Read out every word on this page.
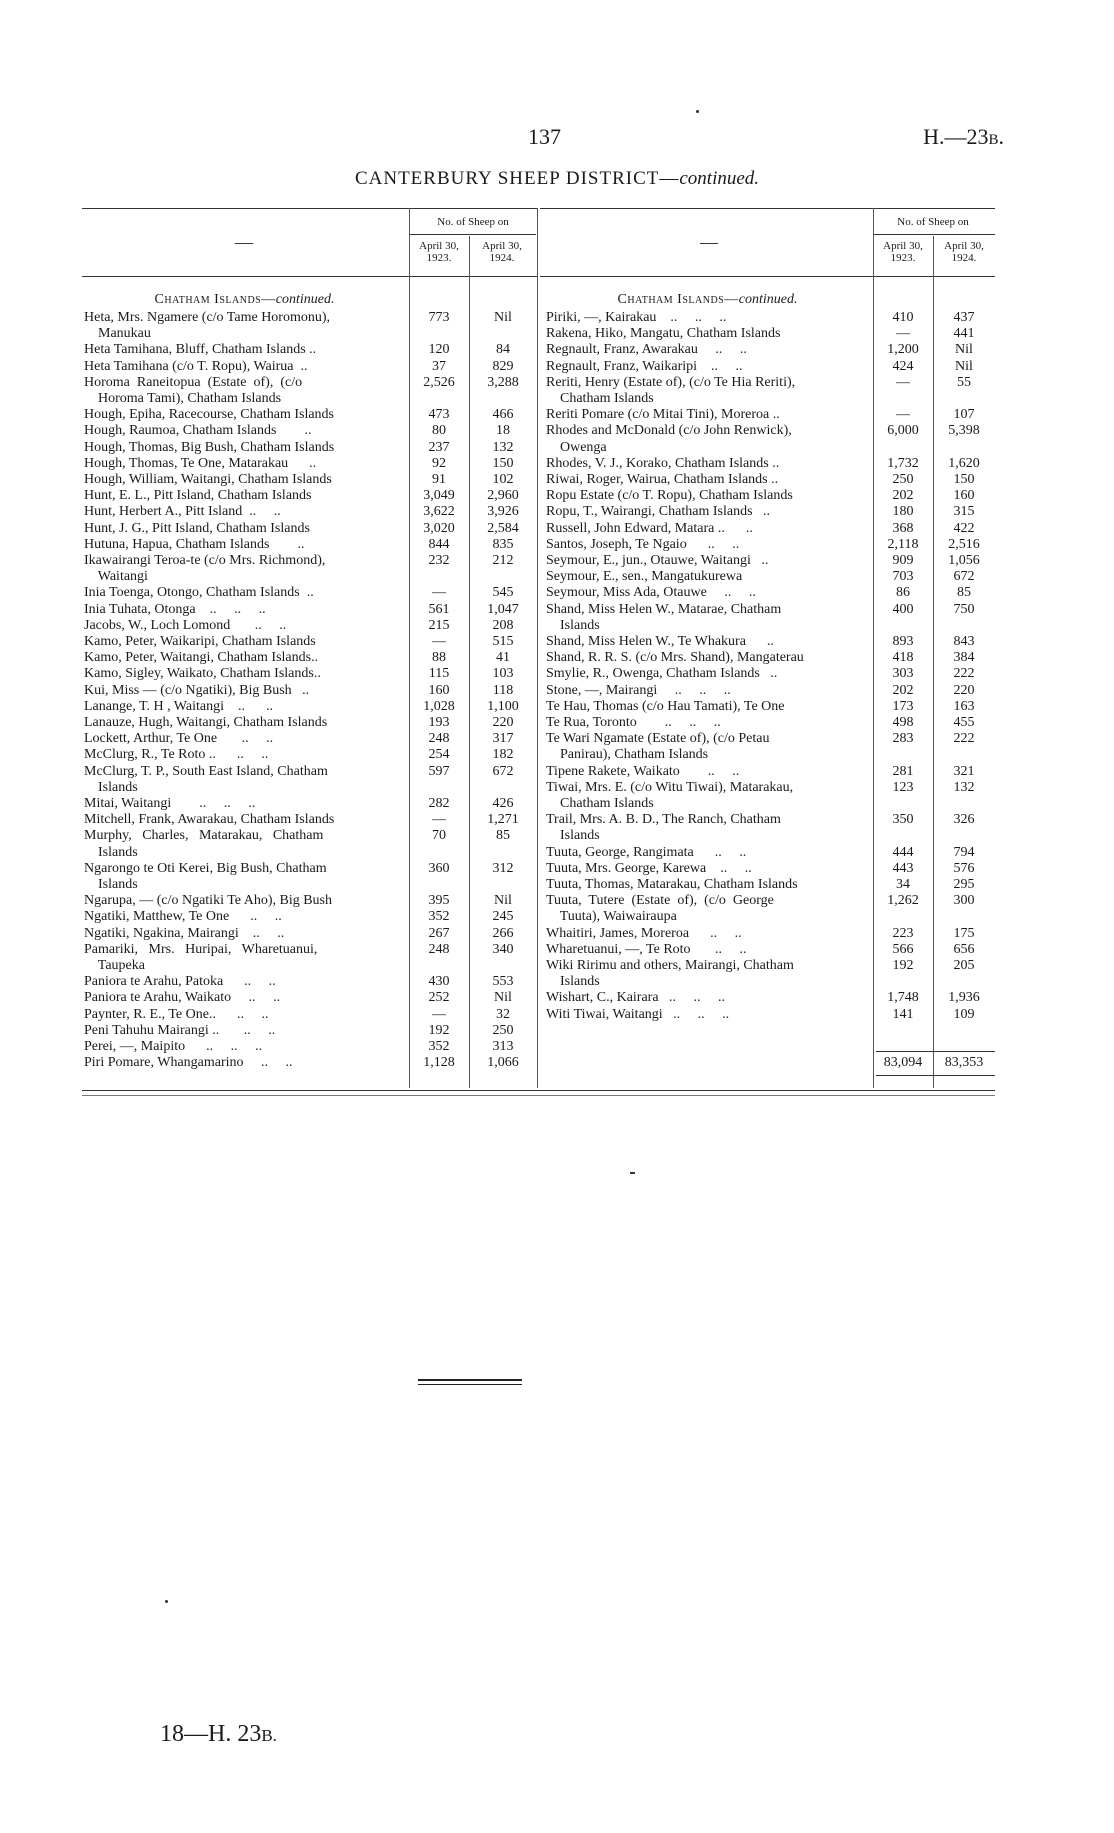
137	H.—23B.
CANTERBURY SHEEP DISTRICT—continued.
—
No. of Sheep on
April 30, 1923.
April 30, 1924.
Chatham Islands—continued.
Heta, Mrs. Ngamere (c/o Tame Horomonu),	773	Nil
Manukau
Heta Tamihana, Bluff, Chatham Islands ..	120	84
Heta Tamihana (c/o T. Ropu), Wairua  ..	37	829
Horoma  Raneitopua  (Estate  of),  (c/o	2,526	3,288
Horoma Tami), Chatham Islands
Hough, Epiha, Racecourse, Chatham Islands	473	466
Hough, Raumoa, Chatham Islands        ..	80	18
Hough, Thomas, Big Bush, Chatham Islands	237	132
Hough, Thomas, Te One, Matarakau      ..	92	150
Hough, William, Waitangi, Chatham Islands	91	102
Hunt, E. L., Pitt Island, Chatham Islands	3,049	2,960
Hunt, Herbert A., Pitt Island  ..     ..	3,622	3,926
Hunt, J. G., Pitt Island, Chatham Islands	3,020	2,584
Hutuna, Hapua, Chatham Islands        ..	844	835
Ikawairangi Teroa-te (c/o Mrs. Richmond),	232	212
Waitangi
Inia Toenga, Otongo, Chatham Islands  ..	—	545
Inia Tuhata, Otonga    ..     ..     ..	561	1,047
Jacobs, W., Loch Lomond       ..     ..	215	208
Kamo, Peter, Waikaripi, Chatham Islands	—	515
Kamo, Peter, Waitangi, Chatham Islands..	88	41
Kamo, Sigley, Waikato, Chatham Islands..	115	103
Kui, Miss — (c/o Ngatiki), Big Bush   ..	160	118
Lanange, T. H , Waitangi    ..      ..	1,028	1,100
Lanauze, Hugh, Waitangi, Chatham Islands	193	220
Lockett, Arthur, Te One       ..     ..	248	317
McClurg, R., Te Roto ..      ..     ..	254	182
McClurg, T. P., South East Island, Chatham	597	672
Islands
Mitai, Waitangi        ..     ..     ..	282	426
Mitchell, Frank, Awarakau, Chatham Islands	—	1,271
Murphy,   Charles,   Matarakau,   Chatham	70	85
Islands
Ngarongo te Oti Kerei, Big Bush, Chatham	360	312
Islands
Ngarupa, — (c/o Ngatiki Te Aho), Big Bush	395	Nil
Ngatiki, Matthew, Te One      ..     ..	352	245
Ngatiki, Ngakina, Mairangi    ..     ..	267	266
Pamariki,   Mrs.   Huripai,   Wharetuanui,	248	340
Taupeka
Paniora te Arahu, Patoka      ..     ..	430	553
Paniora te Arahu, Waikato     ..     ..	252	Nil
Paynter, R. E., Te One..      ..     ..	—	32
Peni Tahuhu Mairangi ..       ..     ..	192	250
Perei, —, Maipito      ..     ..     ..	352	313
Piri Pomare, Whangamarino     ..     ..	1,128	1,066
—
No. of Sheep on
April 30, 1923.
April 30, 1924.
Chatham Islands—continued.
Piriki, —, Kairakau    ..     ..     ..	410	437
Rakena, Hiko, Mangatu, Chatham Islands	—	441
Regnault, Franz, Awarakau     ..     ..	1,200	Nil
Regnault, Franz, Waikaripi    ..     ..	424	Nil
Reriti, Henry (Estate of), (c/o Te Hia Reriti),	—	55
Chatham Islands
Reriti Pomare (c/o Mitai Tini), Moreroa ..	—	107
Rhodes and McDonald (c/o John Renwick),	6,000	5,398
Owenga
Rhodes, V. J., Korako, Chatham Islands ..	1,732	1,620
Riwai, Roger, Wairua, Chatham Islands ..	250	150
Ropu Estate (c/o T. Ropu), Chatham Islands	202	160
Ropu, T., Wairangi, Chatham Islands   ..	180	315
Russell, John Edward, Matara ..      ..	368	422
Santos, Joseph, Te Ngaio      ..     ..	2,118	2,516
Seymour, E., jun., Otauwe, Waitangi   ..	909	1,056
Seymour, E., sen., Mangatukurewa	703	672
Seymour, Miss Ada, Otauwe     ..     ..	86	85
Shand, Miss Helen W., Matarae, Chatham	400	750
Islands
Shand, Miss Helen W., Te Whakura      ..	893	843
Shand, R. R. S. (c/o Mrs. Shand), Mangaterau	418	384
Smylie, R., Owenga, Chatham Islands   ..	303	222
Stone, —, Mairangi     ..     ..     ..	202	220
Te Hau, Thomas (c/o Hau Tamati), Te One	173	163
Te Rua, Toronto        ..     ..     ..	498	455
Te Wari Ngamate (Estate of), (c/o Petau	283	222
Panirau), Chatham Islands
Tipene Rakete, Waikato        ..     ..	281	321
Tiwai, Mrs. E. (c/o Witu Tiwai), Matarakau,	123	132
Chatham Islands
Trail, Mrs. A. B. D., The Ranch, Chatham	350	326
Islands
Tuuta, George, Rangimata      ..     ..	444	794
Tuuta, Mrs. George, Karewa    ..     ..	443	576
Tuuta, Thomas, Matarakau, Chatham Islands	34	295
Tuuta,  Tutere  (Estate  of),  (c/o  George	1,262	300
Tuuta), Waiwairaupa
Whaitiri, James, Moreroa      ..     ..	223	175
Wharetuanui, —, Te Roto       ..     ..	566	656
Wiki Ririmu and others, Mairangi, Chatham	192	205
Islands
Wishart, C., Kairara   ..     ..     ..	1,748	1,936
Witi Tiwai, Waitangi   ..     ..     ..	141	109
83,094	83,353
18—H. 23B.
